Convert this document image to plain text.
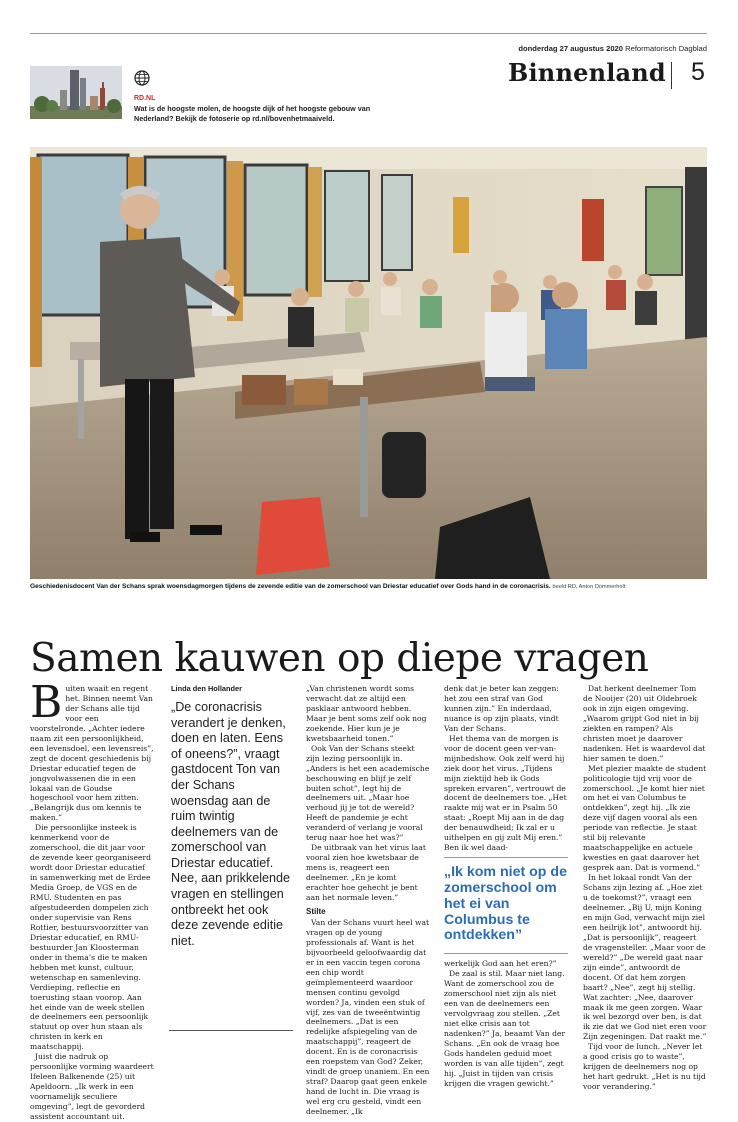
donderdag 27 augustus 2020 Reformatorisch Dagblad
Binnenland 5
RD.NL
Wat is de hoogste molen, de hoogste dijk of het hoogste gebouw van Nederland? Bekijk de fotoserie op rd.nl/bovenhetmaaiveld.
Geschiedenisdocent Van der Schans sprak woensdagmorgen tijdens de zevende editie van de zomerschool van Driestar educatief over Gods hand in de coronacrisis. beeld RD, Anton Dommerholt
Samen kauwen op diepe vragen
B uiten waait en regent het. Binnen neemt Van der Schans alle tijd voor een voorstelronde. „Achter iedere naam zit een persoonlijkheid, een levensdoel, een levensreis”, zegt de docent geschiedenis bij Driestar educatief tegen de jongvolwassenen die in een lokaal van de Goudse hogeschool voor hem zitten. „Belangrijk dus om kennis te maken.”

Die persoonlijke insteek is kenmerkend voor de zomerschool, die dit jaar voor de zevende keer georganiseerd wordt door Driestar educatief in samenwerking met de Erdee Media Groep, de VGS en de RMU. Studenten en pas afgestudeerden dompelen zich onder supervisie van Rens Rottier, bestuursvoorzitter van Driestar educatief, en RMU-bestuurder Jan Kloosterman onder in thema’s die te maken hebben met kunst, cultuur, wetenschap en samenleving. Verdieping, reflectie en toerusting staan voorop. Aan het einde van de week stellen de deelnemers een persoonlijk statuut op over hun staan als christen in kerk en maatschappij.

Juist die nadruk op persoonlijke vorming waardeert Ifeleen Balkenende (25) uit Apeldoorn. „Ik werk in een voornamelijk seculiere omgeving”, legt de gevorderd assistent accountant uit.

Linda den Hollander
„De coronacrisis verandert je denken, doen en laten. Eens of oneens?”, vraagt gastdocent Ton van der Schans woensdag aan de ruim twintig deelnemers van de zomerschool van Driestar educatief. Nee, aan prikkelende vragen en stellingen ontbreekt het ook deze zevende editie niet.

„Van christenen wordt soms verwacht dat ze altijd een pasklaar antwoord hebben. Maar je bent soms zelf ook nog zoekende. Hier kun je je kwetsbaarheid tonen.”

Ook Van der Schans steekt zijn lezing persoonlijk in. „Anders is het een academische beschouwing en blijf je zelf buiten schot”, legt hij de deelnemers uit. „Maar hoe verhoud jij je tot de wereld? Heeft de pandemie je echt veranderd of verlang je vooral terug naar hoe het was?”

De uitbraak van het virus laat vooral zien hoe kwetsbaar de mens is, reageert een deelnemer. „En je komt erachter hoe gehecht je bent aan het normale leven.”

Stilte

Van der Schans vuurt heel wat vragen op de young professionals af. Want is het bijvoorbeeld geloofwaardig dat er in een vaccin tegen corona een chip wordt geïmplementeerd waardoor mensen continu gevolgd worden? Ja, vinden een stuk of vijf, zes van de tweeëntwintig deelnemers. „Dat is een redelijke afspiegeling van de maatschappij”, reageert de docent. En is de coronacrisis een roepstem van God? Zeker, vindt de groep unaniem. En een straf? Daarop gaat geen enkele hand de lucht in. Die vraag is wel erg cru gesteld, vindt een deelnemer. „Ik

denk dat je beter kan zeggen: het zou een straf van God kunnen zijn.” En inderdaad, nuance is op zijn plaats, vindt Van der Schans.

Het thema van de morgen is voor de docent geen ver-van-mijnbedshow. Ook zelf werd hij ziek door het virus. „Tijdens mijn ziektijd heb ik Gods spreken ervaren”, vertrouwt de docent de deelnemers toe. „Het raakte mij wat er in Psalm 50 staat: „Roept Mij aan in de dag der benauwdheid; Ik zal er u uithelpen en gij zult Mij eren.” Ben ik wel daad-

„Ik kom niet op de zomerschool om het ei van Columbus te ontdekken”

werkelijk God aan het eren?”

De zaal is stil. Maar niet lang. Want de zomerschool zou de zomerschool niet zijn als niet een van de deelnemers een vervolgvraag zou stellen. „Zet niet elke crisis aan tot nadenken?” Ja, beaamt Van der Schans. „En ook de vraag hoe Gods handelen geduid moet worden is van alle tijden”, zegt hij. „Juist in tijden van crisis krijgen die vragen gewicht.”

Dat herkent deelnemer Tom de Nooijer (20) uit Oldebroek ook in zijn eigen omgeving. „Waarom grijpt God niet in bij ziekten en rampen? Als christen moet je daarover nadenken. Het is waardevol dat hier samen te doen.”

Met plezier maakte de student politicologie tijd vrij voor de zomerschool. „Je komt hier niet om het ei van Columbus te ontdekken”, zegt hij. „Ik zie deze vijf dagen vooral als een periode van reflectie. Je staat stil bij relevante maatschappelijke en actuele kwesties en gaat daarover het gesprek aan. Dat is vormend.”

In het lokaal rondt Van der Schans zijn lezing af. „Hoe ziet u de toekomst?”, vraagt een deelnemer. „Bij U, mijn Koning en mijn God, verwacht mijn ziel een heilrijk lot”, antwoordt hij. „Dat is persoonlijk”, reageert de vragensteller. „Maar voor de wereld?” „De wereld gaat naar zijn einde”, antwoordt de docent. Of dat hem zorgen baart? „Nee”, zegt hij stellig. Wat zachter: „Nee, daarover maak ik me geen zorgen. Waar ik wel bezorgd over ben, is dat ik zie dat we God niet eren voor Zijn zegeningen. Dat raakt me.”

Tijd voor de lunch. „Never let a good crisis go to waste”, krijgen de deelnemers nog op het hart gedrukt. „Het is nu tijd voor verandering.”
